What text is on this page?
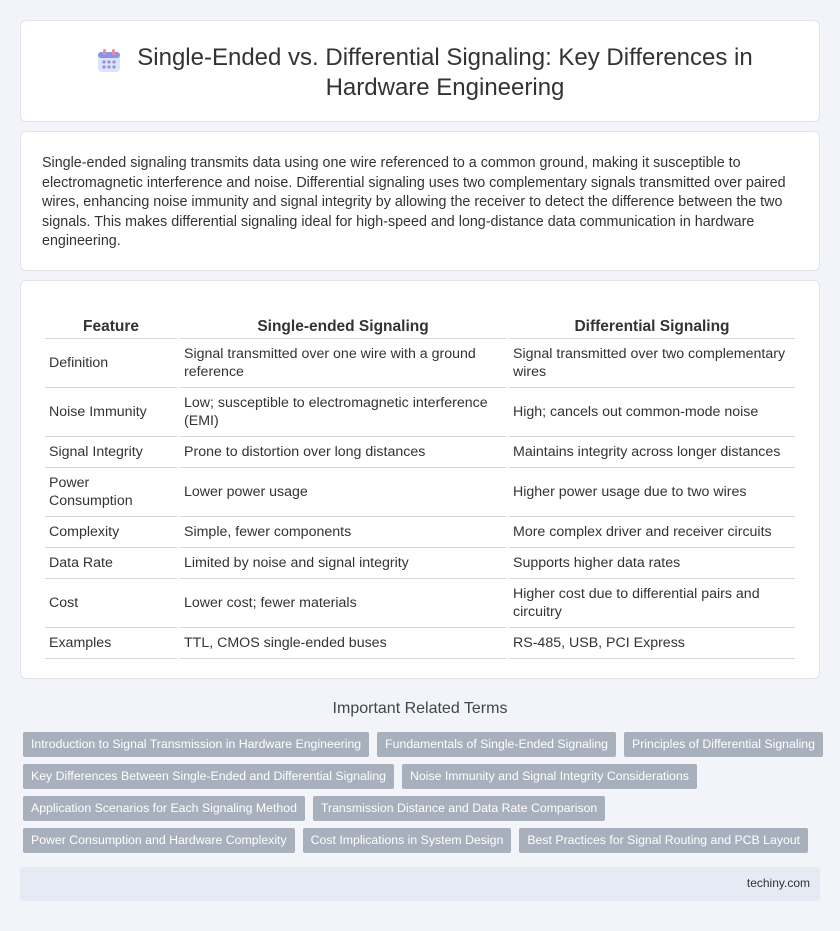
Single-Ended vs. Differential Signaling: Key Differences in Hardware Engineering

Single-ended signaling transmits data using one wire referenced to a common ground, making it susceptible to electromagnetic interference and noise. Differential signaling uses two complementary signals transmitted over paired wires, enhancing noise immunity and signal integrity by allowing the receiver to detect the difference between the two signals. This makes differential signaling ideal for high-speed and long-distance data communication in hardware engineering.

Feature	Single-ended Signaling	Differential Signaling
Definition	Signal transmitted over one wire with a ground reference	Signal transmitted over two complementary wires
Noise Immunity	Low; susceptible to electromagnetic interference (EMI)	High; cancels out common-mode noise
Signal Integrity	Prone to distortion over long distances	Maintains integrity across longer distances
Power Consumption	Lower power usage	Higher power usage due to two wires
Complexity	Simple, fewer components	More complex driver and receiver circuits
Data Rate	Limited by noise and signal integrity	Supports higher data rates
Cost	Lower cost; fewer materials	Higher cost due to differential pairs and circuitry
Examples	TTL, CMOS single-ended buses	RS-485, USB, PCI Express
Important Related Terms
Introduction to Signal Transmission in Hardware Engineering	Fundamentals of Single-Ended Signaling	Principles of Differential Signaling
Key Differences Between Single-Ended and Differential Signaling	Noise Immunity and Signal Integrity Considerations
Application Scenarios for Each Signaling Method	Transmission Distance and Data Rate Comparison
Power Consumption and Hardware Complexity	Cost Implications in System Design	Best Practices for Signal Routing and PCB Layout
techiny.com
